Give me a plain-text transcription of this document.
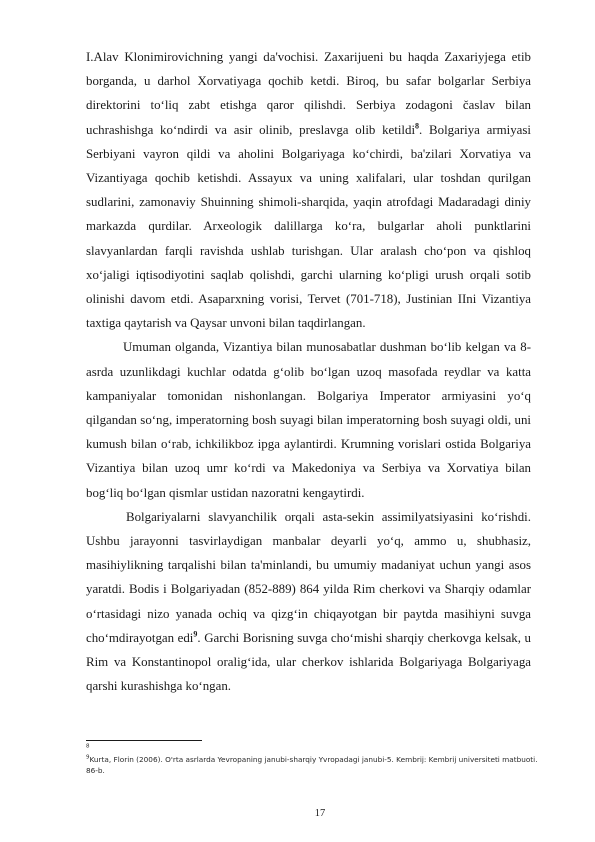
I.Alav Klonimirovichning yangi da'vochisi. Zaxarijueni bu haqda Zaxariyjega etib borganda, u darhol Xorvatiyaga qochib ketdi. Biroq, bu safar bolgarlar Serbiya direktorini to‘liq zabt etishga qaror qilishdi. Serbiya zodagoni časlav bilan uchrashishga ko‘ndirdi va asir olinib, preslavga olib ketildi$^8$. Bolgariya armiyasi Serbiyani vayron qildi va aholini Bolgariyaga ko‘chirdi, ba'zilari Xorvatiya va Vizantiyaga qochib ketishdi. Assayux va uning xalifalari, ular toshdan qurilgan sudlarini, zamonaviy Shuinning shimoli-sharqida, yaqin atrofdagi Madaradagi diniy markazda qurdilar. Arxeologik dalillarga ko‘ra, bulgarlar aholi punktlarini slavyanlardan farqli ravishda ushlab turishgan. Ular aralash cho‘pon va qishloq xo‘jaligi iqtisodiyotini saqlab qolishdi, garchi ularning ko‘pligi urush orqali sotib olinishi davom etdi. Asaparxning vorisi, Tervet (701-718), Justinian IIni Vizantiya taxtiga qaytarish va Qaysar unvoni bilan taqdirlangan.

Umuman olganda, Vizantiya bilan munosabatlar dushman bo‘lib kelgan va 8-asrda uzunlikdagi kuchlar odatda g‘olib bo‘lgan uzoq masofada reydlar va katta kampaniyalar tomonidan nishonlangan. Bolgariya Imperator armiyasini yo‘q qilgandan so‘ng, imperatorning bosh suyagi bilan imperatorning bosh suyagi oldi, uni kumush bilan o‘rab, ichkilikboz ipga aylantirdi. Krumning vorislari ostida Bolgariya Vizantiya bilan uzoq umr ko‘rdi va Makedoniya va Serbiya va Xorvatiya bilan bog‘liq bo‘lgan qismlar ustidan nazoratni kengaytirdi.

Bolgariyalarni slavyanchilik orqali asta-sekin assimilyatsiyasini ko‘rishdi. Ushbu jarayonni tasvirlaydigan manbalar deyarli yo‘q, ammo u, shubhasiz, masihiylikning tarqalishi bilan ta'minlandi, bu umumiy madaniyat uchun yangi asos yaratdi. Bodis i Bolgariyadan (852-889) 864 yilda Rim cherkovi va Sharqiy odamlar o‘rtasidagi nizo yanada ochiq va qizg‘in chiqayotgan bir paytda masihiyni suvga cho‘mdirayotgan edi$^9$. Garchi Borisning suvga cho‘mishi sharqiy cherkovga kelsak, u Rim va Konstantinopol oralig‘ida, ular cherkov ishlarida Bolgariyaga Bolgariyaga qarshi kurashishga ko‘ngan.

$^8$

$^9$Kurta, Florin (2006). O'rta asrlarda Yevropaning janubi-sharqiy Yvropadagi janubi-5. Kembrij: Kembrij universiteti matbuoti. 86-b.

17
